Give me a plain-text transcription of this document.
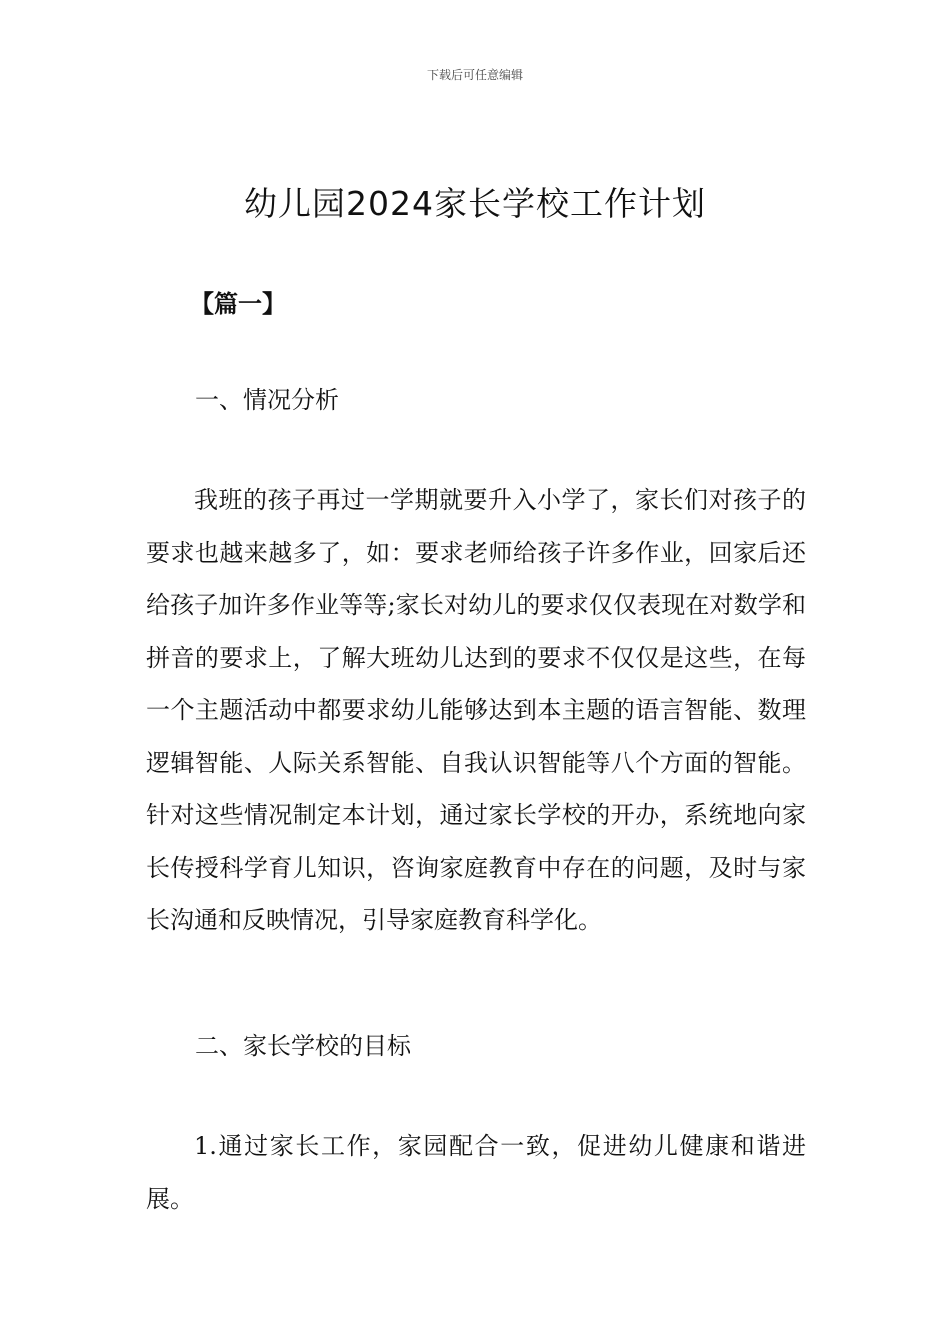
下载后可任意编辑
幼儿园2024家长学校工作计划
【篇一】
一、情况分析

我班的孩子再过一学期就要升入小学了，家长们对孩子的要求也越来越多了，如：要求老师给孩子许多作业，回家后还给孩子加许多作业等等;家长对幼儿的要求仅仅表现在对数学和拼音的要求上，了解大班幼儿达到的要求不仅仅是这些，在每一个主题活动中都要求幼儿能够达到本主题的语言智能、数理逻辑智能、人际关系智能、自我认识智能等八个方面的智能。针对这些情况制定本计划，通过家长学校的开办，系统地向家长传授科学育儿知识，咨询家庭教育中存在的问题，及时与家长沟通和反映情况，引导家庭教育科学化。

二、家长学校的目标

1.通过家长工作，家园配合一致，促进幼儿健康和谐进展。
